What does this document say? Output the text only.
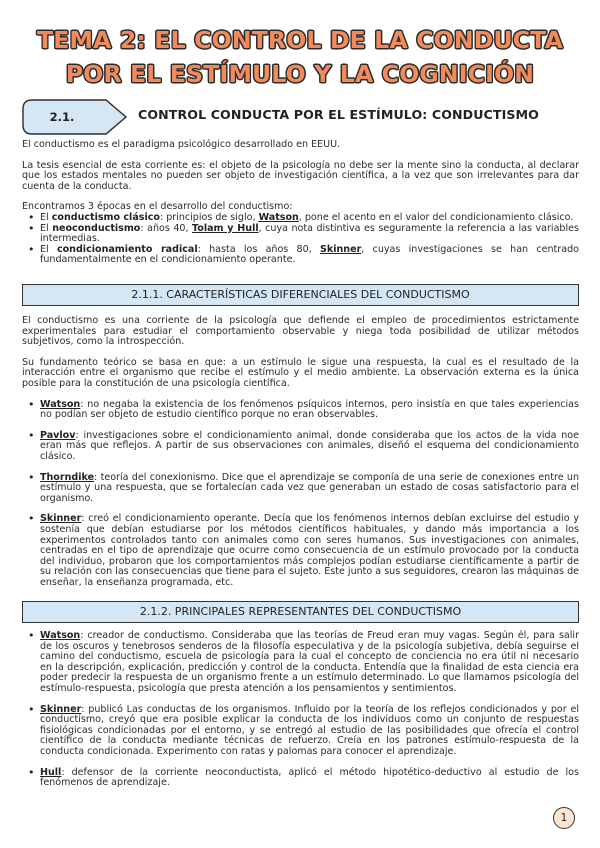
TEMA 2: EL CONTROL DE LA CONDUCTA
POR EL ESTÍMULO Y LA COGNICIÓN
2.1.	CONTROL CONDUCTA POR EL ESTÍMULO: CONDUCTISMO

El conductismo es el paradigma psicológico desarrollado en EEUU.

La tesis esencial de esta corriente es: el objeto de la psicología no debe ser la mente sino la conducta, al declarar que los estados mentales no pueden ser objeto de investigación científica, a la vez que son irrelevantes para dar cuenta de la conducta.

Encontramos 3 épocas en el desarrollo del conductismo:

• El conductismo clásico: principios de siglo, Watson, pone el acento en el valor del condicionamiento clásico.
• El neoconductismo: años 40, Tolam y Hull, cuya nota distintiva es seguramente la referencia a las variables intermedias.
• El condicionamiento radical: hasta los años 80, Skinner, cuyas investigaciones se han centrado fundamentalmente en el condicionamiento operante.
2.1.1. CARACTERÍSTICAS DIFERENCIALES DEL CONDUCTISMO

El conductismo es una corriente de la psicología que defiende el empleo de procedimientos estrictamente experimentales para estudiar el comportamiento observable y niega toda posibilidad de utilizar métodos subjetivos, como la introspección.

Su fundamento teórico se basa en que: a un estímulo le sigue una respuesta, la cual es el resultado de la interacción entre el organismo que recibe el estímulo y el medio ambiente. La observación externa es la única posible para la constitución de una psicología científica.

• Watson: no negaba la existencia de los fenómenos psíquicos internos, pero insistía en que tales experiencias no podían ser objeto de estudio científico porque no eran observables.
• Pavlov: investigaciones sobre el condicionamiento animal, donde consideraba que los actos de la vida noe eran más que reflejos. A partir de sus observaciones con animales, diseñó el esquema del condicionamiento clásico.
• Thorndike: teoría del conexionismo. Dice que el aprendizaje se componía de una serie de conexiones entre un estímulo y una respuesta, que se fortalecían cada vez que generaban un estado de cosas satisfactorio para el organismo.
• Skinner: creó el condicionamiento operante. Decía que los fenómenos internos debían excluirse del estudio y sostenía que debían estudiarse por los métodos científicos habituales, y dando más importancia a los experimentos controlados tanto con animales como con seres humanos. Sus investigaciones con animales, centradas en el tipo de aprendizaje que ocurre como consecuencia de un estímulo provocado por la conducta del individuo, probaron que los comportamientos más complejos podían estudiarse científicamente a partir de su relación con las consecuencias que tiene para el sujeto. Este junto a sus seguidores, crearon las máquinas de enseñar, la enseñanza programada, etc.
2.1.2. PRINCIPALES REPRESENTANTES DEL CONDUCTISMO
• Watson: creador de conductismo. Consideraba que las teorías de Freud eran muy vagas. Según él, para salir de los oscuros y tenebrosos senderos de la filosofía especulativa y de la psicología subjetiva, debía seguirse el camino del conductismo, escuela de psicología para la cual el concepto de conciencia no era útil ni necesario en la descripción, explicación, predicción y control de la conducta. Entendía que la finalidad de esta ciencia era poder predecir la respuesta de un organismo frente a un estímulo determinado. Lo que llamamos psicología del estímulo-respuesta, psicología que presta atención a los pensamientos y sentimientos.
• Skinner: publicó Las conductas de los organismos. Influido por la teoría de los reflejos condicionados y por el conductismo, creyó que era posible explicar la conducta de los individuos como un conjunto de respuestas fisiológicas condicionadas por el entorno, y se entregó al estudio de las posibilidades que ofrecía el control científico de la conducta mediante técnicas de refuerzo. Creía en los patrones estímulo-respuesta de la conducta condicionada. Experimento con ratas y palomas para conocer el aprendizaje.
• Hull: defensor de la corriente neoconductista, aplicó el método hipotético-deductivo al estudio de los fenómenos de aprendizaje.
1
